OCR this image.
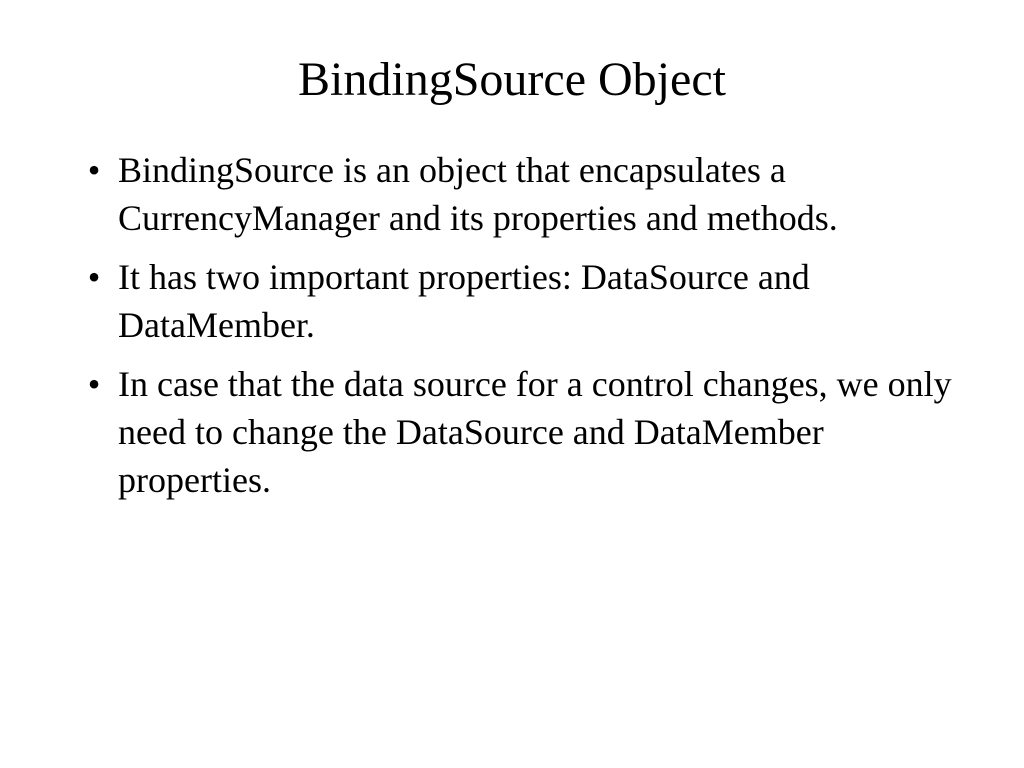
BindingSource Object
• BindingSource is an object that encapsulates a CurrencyManager and its properties and methods.
• It has two important properties: DataSource and DataMember.
• In case that the data source for a control changes, we only need to change the DataSource and DataMember properties.
